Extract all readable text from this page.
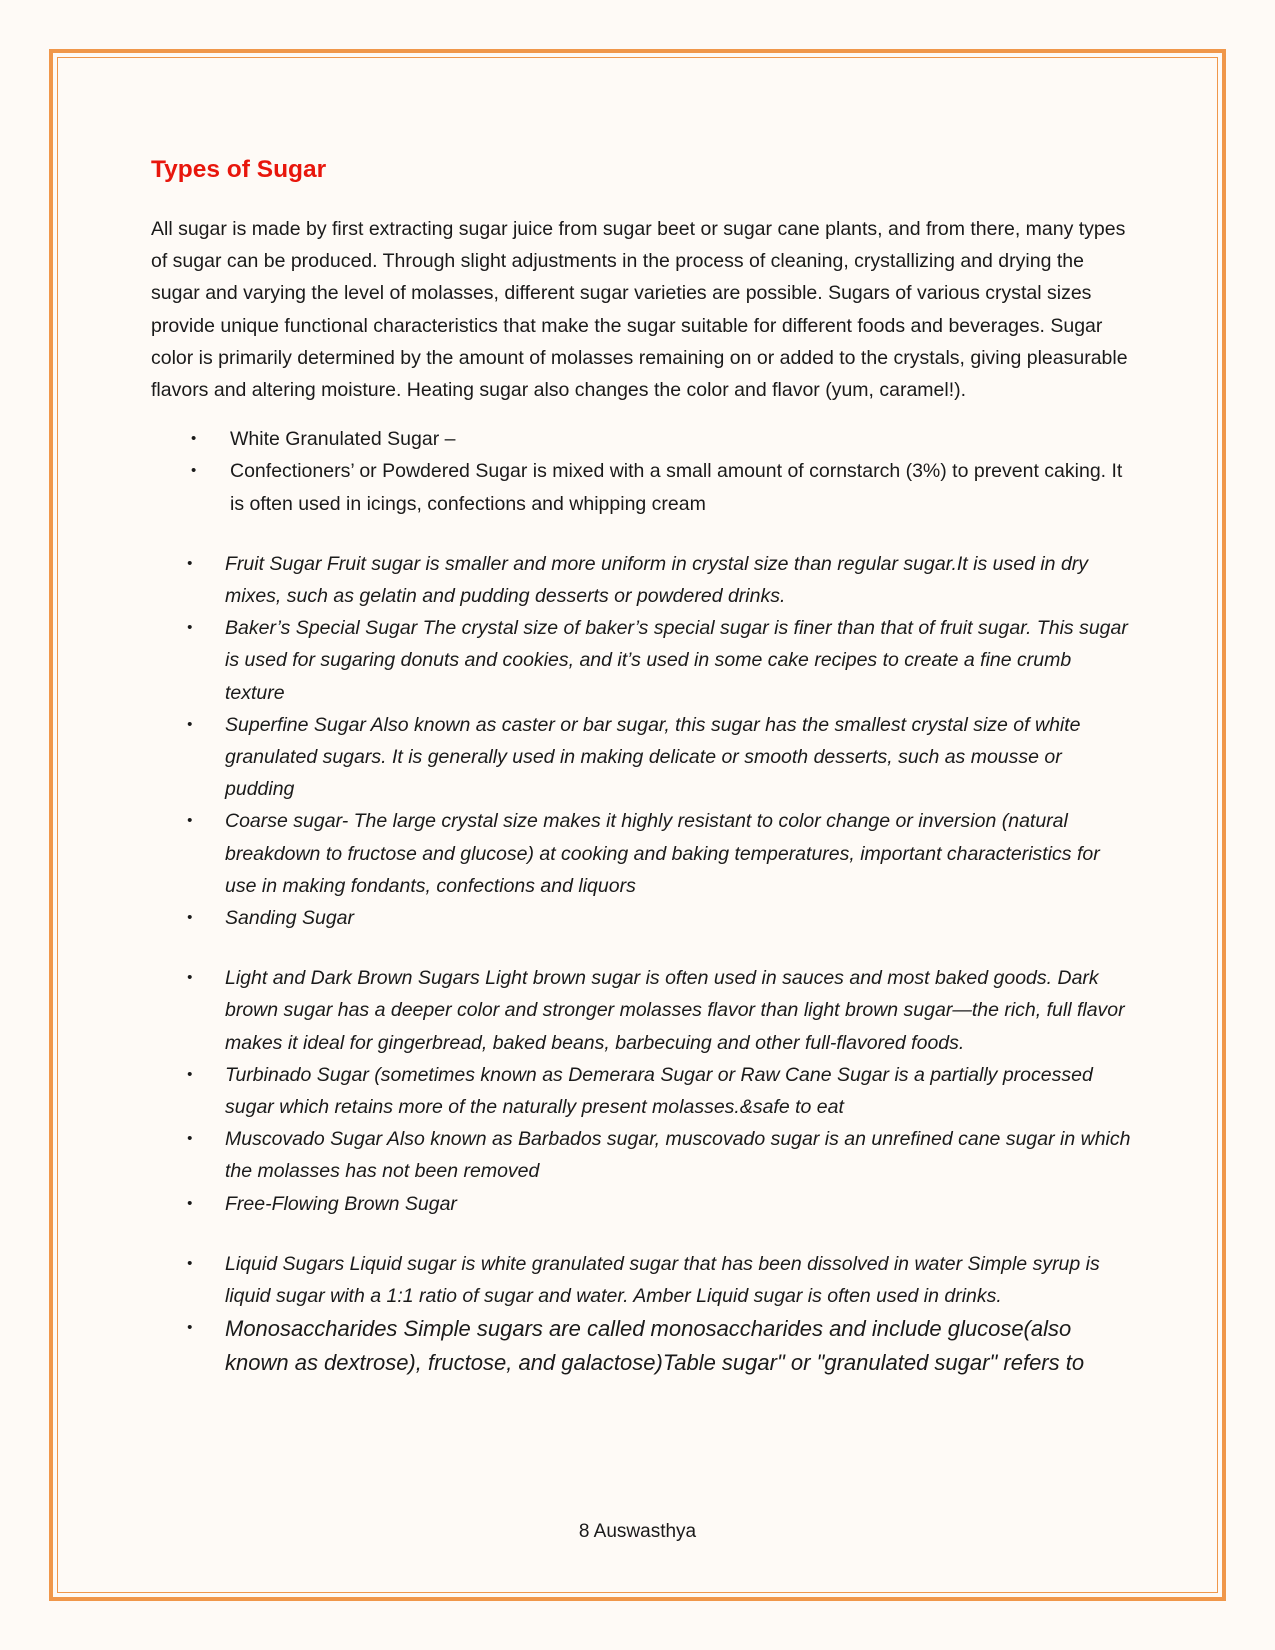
Types of Sugar

All sugar is made by first extracting sugar juice from sugar beet or sugar cane plants, and from there, many types of sugar can be produced. Through slight adjustments in the process of cleaning, crystallizing and drying the sugar and varying the level of molasses, different sugar varieties are possible. Sugars of various crystal sizes provide unique functional characteristics that make the sugar suitable for different foods and beverages. Sugar color is primarily determined by the amount of molasses remaining on or added to the crystals, giving pleasurable flavors and altering moisture. Heating sugar also changes the color and flavor (yum, caramel!).

• White Granulated Sugar –
• Confectioners’ or Powdered Sugar is mixed with a small amount of cornstarch (3%) to prevent caking. It is often used in icings, confections and whipping cream
• Fruit Sugar Fruit sugar is smaller and more uniform in crystal size than regular sugar.It is used in dry mixes, such as gelatin and pudding desserts or powdered drinks.
• Baker’s Special Sugar The crystal size of baker’s special sugar is finer than that of fruit sugar. This sugar is used for sugaring donuts and cookies, and it’s used in some cake recipes to create a fine crumb texture
• Superfine Sugar Also known as caster or bar sugar, this sugar has the smallest crystal size of white granulated sugars. It is generally used in making delicate or smooth desserts, such as mousse or pudding
• Coarse sugar- The large crystal size makes it highly resistant to color change or inversion (natural breakdown to fructose and glucose) at cooking and baking temperatures, important characteristics for use in making fondants, confections and liquors
• Sanding Sugar
• Light and Dark Brown Sugars Light brown sugar is often used in sauces and most baked goods. Dark brown sugar has a deeper color and stronger molasses flavor than light brown sugar—the rich, full flavor makes it ideal for gingerbread, baked beans, barbecuing and other full-flavored foods.
• Turbinado Sugar (sometimes known as Demerara Sugar or Raw Cane Sugar is a partially processed sugar which retains more of the naturally present molasses.&safe to eat
• Muscovado Sugar Also known as Barbados sugar, muscovado sugar is an unrefined cane sugar in which the molasses has not been removed
• Free-Flowing Brown Sugar
• Liquid Sugars Liquid sugar is white granulated sugar that has been dissolved in water Simple syrup is liquid sugar with a 1:1 ratio of sugar and water. Amber Liquid sugar is often used in drinks.
• Monosaccharides Simple sugars are called monosaccharides and include glucose(also known as dextrose), fructose, and galactose)Table sugar" or "granulated sugar" refers to
8 Auswasthya
